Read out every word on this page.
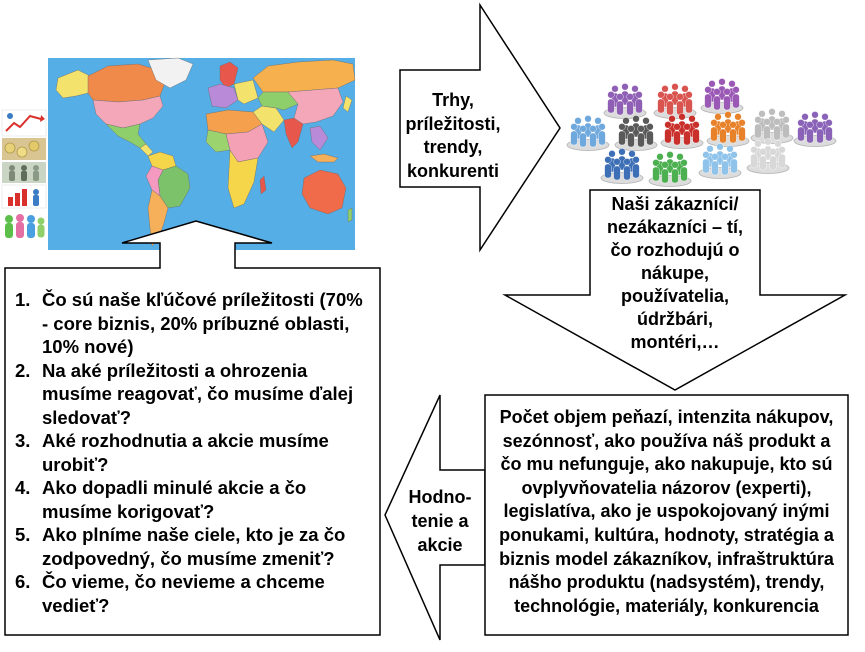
Trhy,
príležitosti,
trendy,
konkurenti
Naši zákazníci/
nezákazníci – tí,
čo rozhodujú o
nákupe,
používatelia,
údržbári,
montéri,…
Počet objem peňazí, intenzita nákupov,
sezónnosť, ako používa náš produkt a
čo mu nefunguje, ako nakupuje, kto sú
ovplyvňovatelia názorov (experti),
legislatíva, ako je uspokojovaný inými
ponukami, kultúra, hodnoty, stratégia a
biznis model zákazníkov, infraštruktúra
nášho produktu (nadsystém), trendy,
technológie, materiály, konkurencia
Hodno-
tenie a
akcie
1. Čo sú naše kľúčové príležitosti (70%
- core biznis, 20% príbuzné oblasti,
10% nové)
2. Na aké príležitosti a ohrozenia
musíme reagovať, čo musíme ďalej
sledovať?
3. Aké rozhodnutia a akcie musíme
urobiť?
4. Ako dopadli minulé akcie a čo
musíme korigovať?
5. Ako plníme naše ciele, kto je za čo
zodpovedný, čo musíme zmeniť?
6. Čo vieme, čo nevieme a chceme
vedieť?
